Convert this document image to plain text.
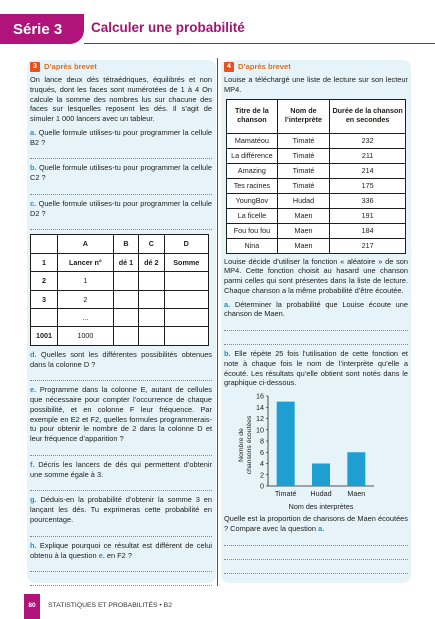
Série 3	Calculer une probabilité
3 D’après brevet

On lance deux dés tétraédriques, équilibrés et non truqués, dont les faces sont numérotées de 1 à 4 On calcule la somme des nombres lus sur chacune des faces sur lesquelles reposent les dés. Il s’agit de simuler 1 000 lancers avec un tableur.

a. Quelle formule utilises-tu pour programmer la cellule B2 ?

b. Quelle formule utilises-tu pour programmer la cellule C2 ?

c. Quelle formule utilises-tu pour programmer la cellule D2 ?

	A	B	C	D
1	Lancer n°	dé 1	dé 2	Somme
2	1			
3	2			
	...			
1001	1000			

d. Quelles sont les différentes possibilités obtenues dans la colonne D ?

e. Programme dans la colonne E, autant de cellules que nécessaire pour compter l’occurrence de chaque possibilité, et en colonne F leur fréquence. Par exemple en E2 et F2, quelles formules programmerais-tu pour obtenir le nombre de 2 dans la colonne D et leur fréquence d’apparition ?

f. Décris les lancers de dés qui permettent d’obtenir une somme égale à 3.

g. Déduis-en la probabilité d’obtenir la somme 3 en lançant les dés. Tu exprimeras cette probabilité en pourcentage.

h. Explique pourquoi ce résultat est différent de celui obtenu à la question e. en F2 ?

4 D’après brevet

Louise a téléchargé une liste de lecture sur son lecteur MP4.

Titre de la chanson	Nom de l’interprète	Durée de la chanson en secondes
Mamatéou	Timaté	232
La différence	Timaté	211
Amazing	Timaté	214
Tes racines	Timaté	175
YoungBov	Hudad	336
La ficelle	Maen	191
Fou fou fou	Maen	184
Nina	Maen	217

Louise décide d’utiliser la fonction « aléatoire » de son MP4. Cette fonction choisit au hasard une chanson parmi celles qui sont présentes dans la liste de lecture. Chaque chanson a la même probabilité d’être écoutée.

a. Déterminer la probabilité que Louise écoute une chanson de Maen.

b. Elle répète 25 fois l’utilisation de cette fonction et note à chaque fois le nom de l’interprète qu’elle a écouté. Les résultats qu’elle obtient sont notés dans le graphique ci-dessous.

0
2
4
6
8
10
12
14
16
Timaté Hudad Maen
Nom des interprètes
Nombre de chansons écoutées

Quelle est la proportion de chansons de Maen écoutées ? Compare avec la question a.

80	STATISTIQUES ET PROBABILITÉS • B2
